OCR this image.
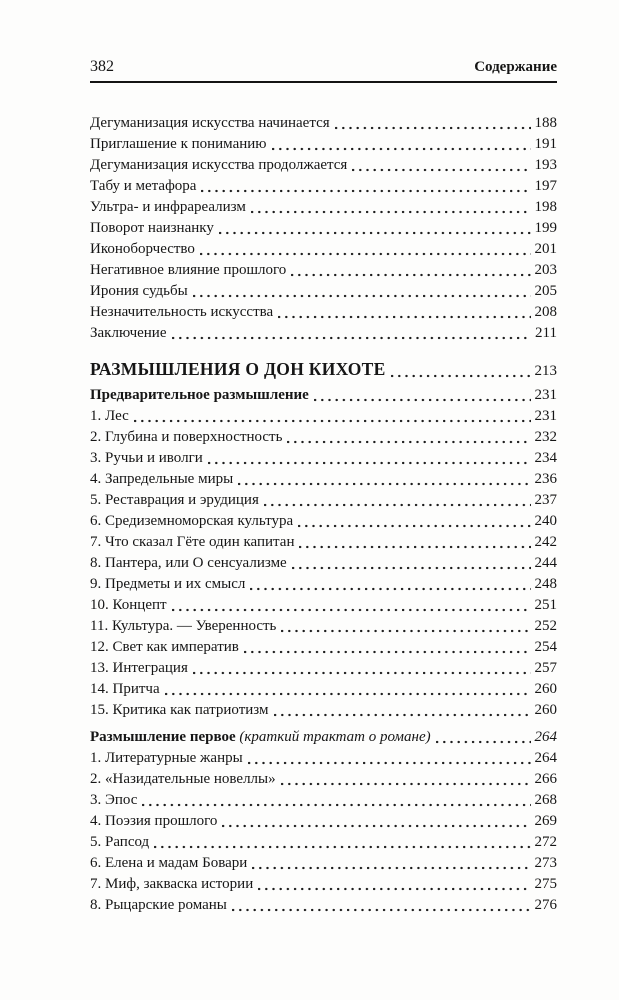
382	Содержание
Дегуманизация искусства начинается	188
Приглашение к пониманию	191
Дегуманизация искусства продолжается	193
Табу и метафора	197
Ультра- и инфрареализм	198
Поворот наизнанку	199
Иконоборчество	201
Негативное влияние прошлого	203
Ирония судьбы	205
Незначительность искусства	208
Заключение	211
РАЗМЫШЛЕНИЯ О ДОН КИХОТЕ	213
Предварительное размышление	231
1. Лес	231
2. Глубина и поверхностность	232
3. Ручьи и иволги	234
4. Запредельные миры	236
5. Реставрация и эрудиция	237
6. Средиземноморская культура	240
7. Что сказал Гёте один капитан	242
8. Пантера, или О сенсуализме	244
9. Предметы и их смысл	248
10. Концепт	251
11. Культура. — Уверенность	252
12. Свет как императив	254
13. Интеграция	257
14. Притча	260
15. Критика как патриотизм	260
Размышление первое (краткий трактат о романе)	264
1. Литературные жанры	264
2. «Назидательные новеллы»	266
3. Эпос	268
4. Поэзия прошлого	269
5. Рапсод	272
6. Елена и мадам Бовари	273
7. Миф, закваска истории	275
8. Рыцарские романы	276
